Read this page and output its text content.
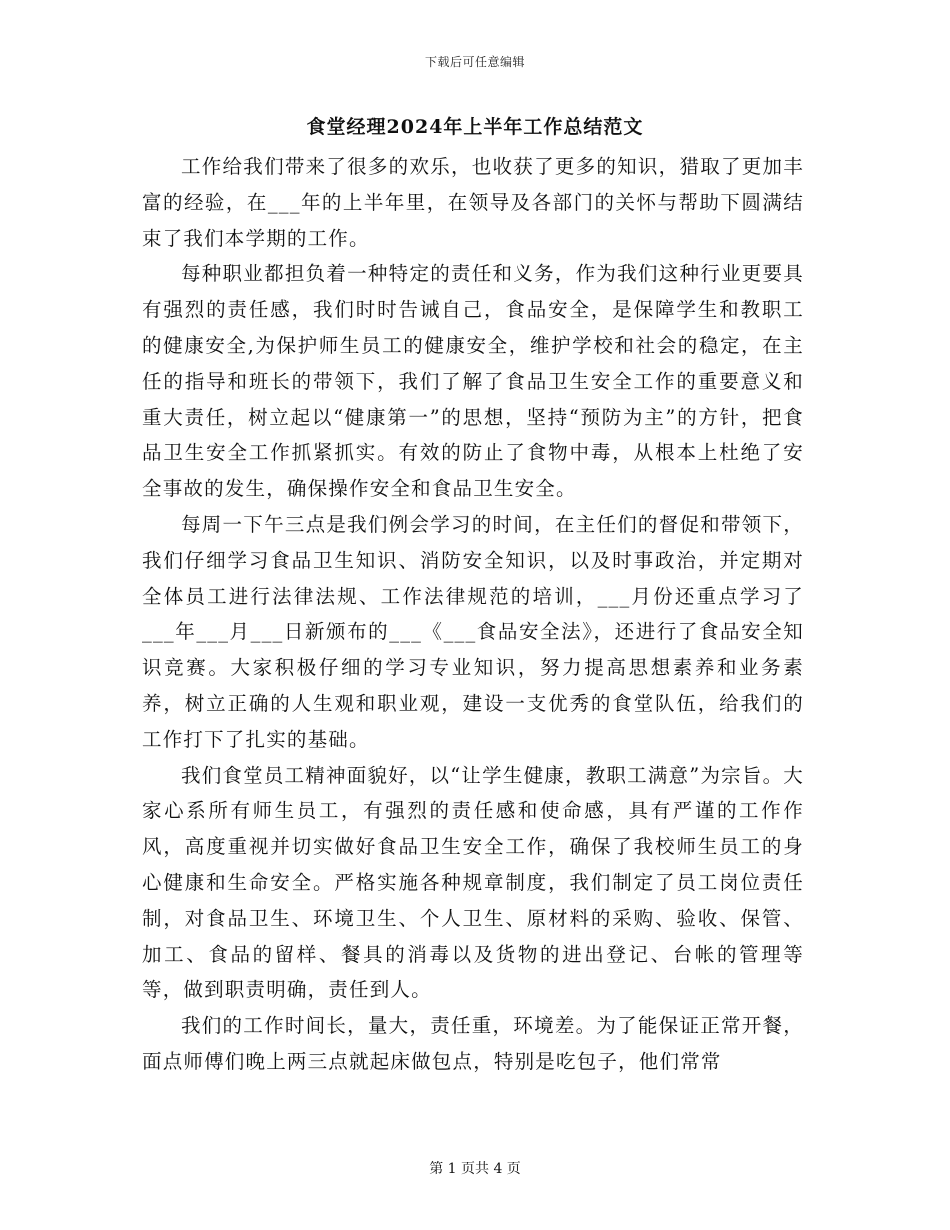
下载后可任意编辑
食堂经理2024年上半年工作总结范文

工作给我们带来了很多的欢乐，也收获了更多的知识，猎取了更加丰富的经验，在___年的上半年里，在领导及各部门的关怀与帮助下圆满结束了我们本学期的工作。

每种职业都担负着一种特定的责任和义务，作为我们这种行业更要具有强烈的责任感，我们时时告诫自己，食品安全，是保障学生和教职工的健康安全,为保护师生员工的健康安全，维护学校和社会的稳定，在主任的指导和班长的带领下，我们了解了食品卫生安全工作的重要意义和重大责任，树立起以“健康第一”的思想，坚持“预防为主”的方针，把食品卫生安全工作抓紧抓实。有效的防止了食物中毒，从根本上杜绝了安全事故的发生，确保操作安全和食品卫生安全。

每周一下午三点是我们例会学习的时间，在主任们的督促和带领下，我们仔细学习食品卫生知识、消防安全知识，以及时事政治，并定期对全体员工进行法律法规、工作法律规范的培训，___月份还重点学习了___年___月___日新颁布的___《___食品安全法》，还进行了食品安全知识竞赛。大家积极仔细的学习专业知识，努力提高思想素养和业务素养，树立正确的人生观和职业观，建设一支优秀的食堂队伍，给我们的工作打下了扎实的基础。

我们食堂员工精神面貌好，以“让学生健康，教职工满意”为宗旨。大家心系所有师生员工，有强烈的责任感和使命感，具有严谨的工作作风，高度重视并切实做好食品卫生安全工作，确保了我校师生员工的身心健康和生命安全。严格实施各种规章制度，我们制定了员工岗位责任制，对食品卫生、环境卫生、个人卫生、原材料的采购、验收、保管、加工、食品的留样、餐具的消毒以及货物的进出登记、台帐的管理等等，做到职责明确，责任到人。

我们的工作时间长，量大，责任重，环境差。为了能保证正常开餐，面点师傅们晚上两三点就起床做包点，特别是吃包子，他们常常

第 1 页共 4 页
